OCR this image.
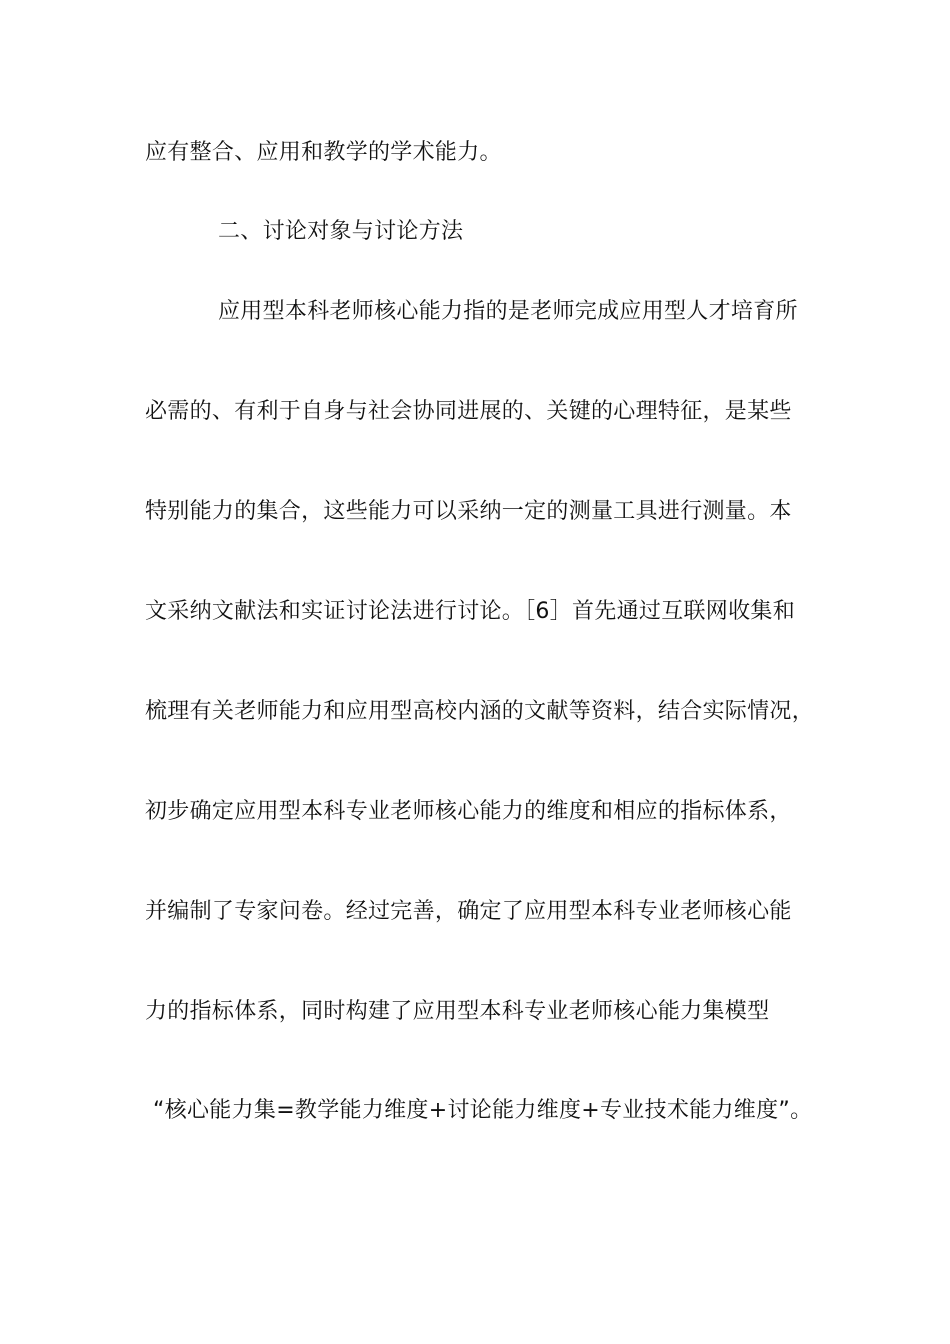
应有整合、应用和教学的学术能力。
二、讨论对象与讨论方法
应用型本科老师核心能力指的是老师完成应用型人才培育所
必需的、有利于自身与社会协同进展的、关键的心理特征，是某些
特别能力的集合，这些能力可以采纳一定的测量工具进行测量。本
文采纳文献法和实证讨论法进行讨论。［6］首先通过互联网收集和
梳理有关老师能力和应用型高校内涵的文献等资料，结合实际情况，
初步确定应用型本科专业老师核心能力的维度和相应的指标体系，
并编制了专家问卷。经过完善，确定了应用型本科专业老师核心能
力的指标体系，同时构建了应用型本科专业老师核心能力集模型
“核心能力集=教学能力维度+讨论能力维度+专业技术能力维度”。
